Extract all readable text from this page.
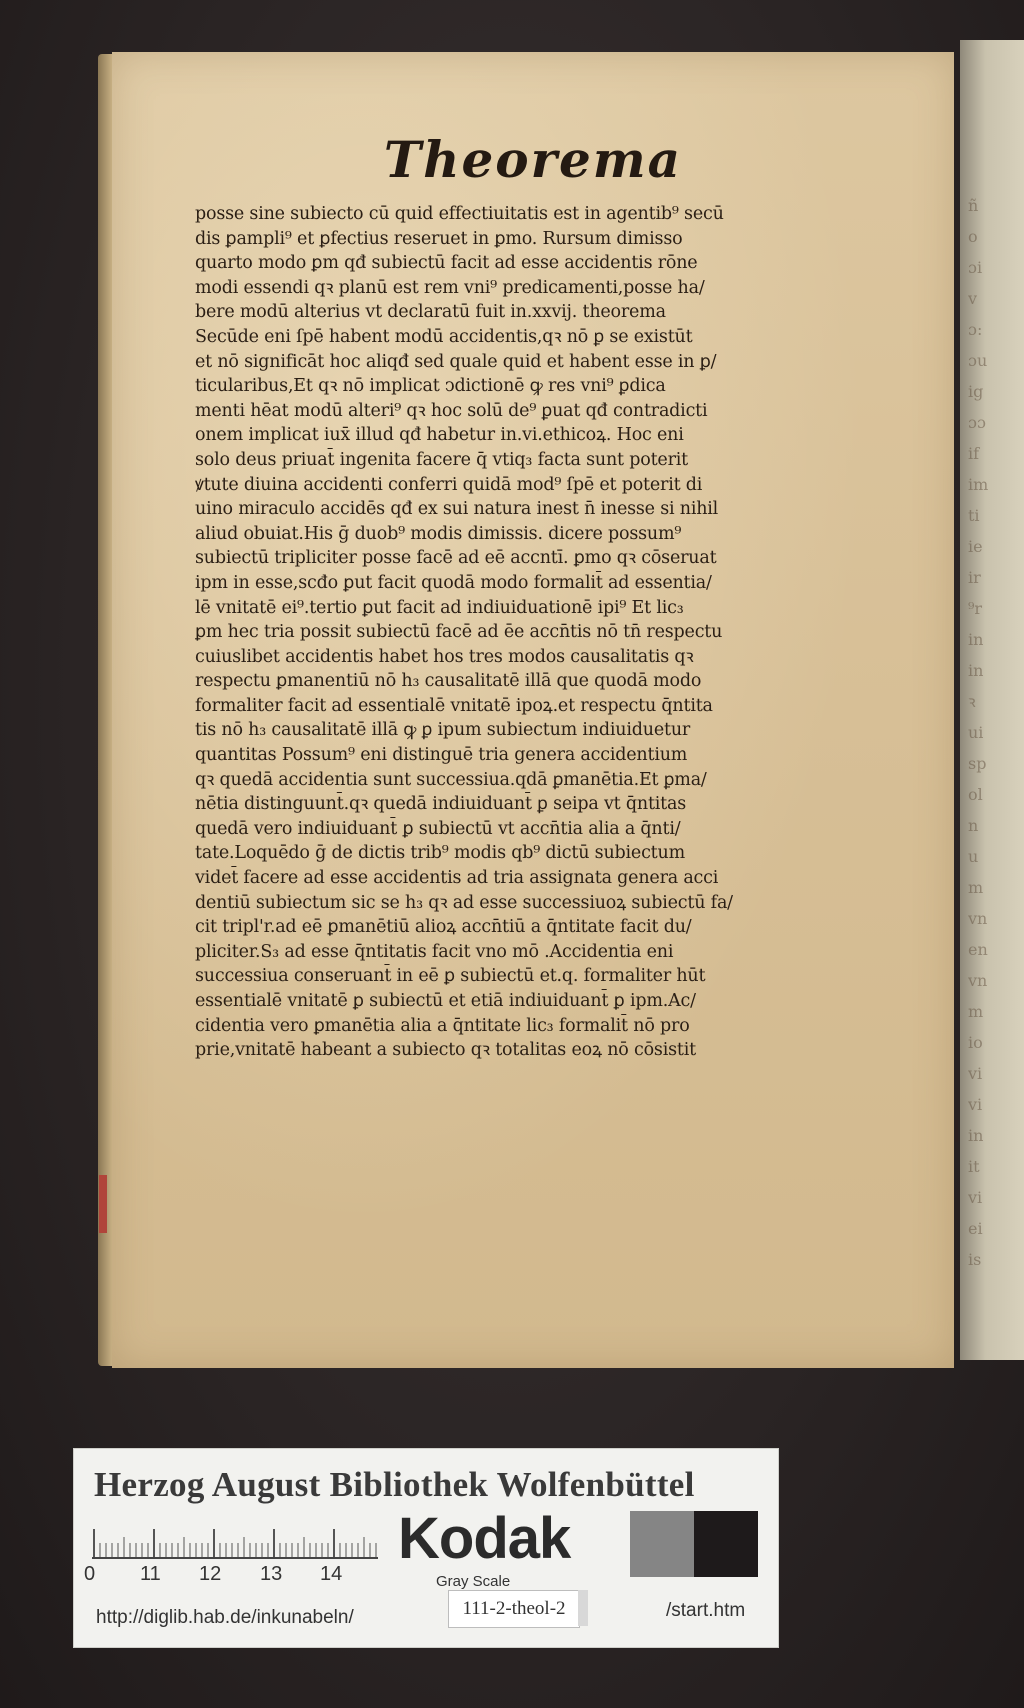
ñ
o
ɔi
v
ɔ:
ɔu
ig
ɔɔ
if
im
ti
ie
ir
⁹r
in
in
ꝛ
ui
sp
ol
n
u
m
vn
en
vn
m
io
vi
vi
in
it
vi
ei
is
Theorema
posse sine subiecto cū quid effectiuitatis est in agentib⁹ secū
dis ꝑampli⁹ et ꝑfectius reseruet in ꝑmo. Rursum dimisso
quarto modo ꝑm qđ subiectū facit ad esse accidentis rōne
modi essendi qꝛ planū est rem vni⁹ predicamenti,posse ha/
bere modū alterius vt declaratū fuit in.xxvij. theorema
Secūde eni ſpē habent modū accidentis,qꝛ nō ꝑ se existūt
et nō significāt hoc aliqđ sed quale quid et habent esse in ꝑ/
ticularibus,Et qꝛ nō implicat ↄdictionē ꝙ res vni⁹ ꝑdica
menti hēat modū alteri⁹ qꝛ hoc solū de⁹ ꝑuat qđ contradicti
onem implicat iux̄ illud qđ habetur in.vi.ethicoꝝ. Hoc eni
solo deus priuat̄ ingenita facere q̄ vtiq₃ facta sunt poterit
ꝟtute diuina accidenti conferri quidā mod⁹ ſpē et poterit di
uino miraculo accidēs qđ ex sui natura inest n̄ inesse si nihil
aliud obuiat.His ḡ duob⁹ modis dimissis. dicere possum⁹
subiectū tripliciter posse facē ad eē accntī. ꝑmo qꝛ cōseruat
ipm in esse,scđo ꝑut facit quodā modo formalit̄ ad essentia/
lē vnitatē ei⁹.tertio ꝑut facit ad indiuiduationē ipi⁹ Et lic₃
ꝑm hec tria possit subiectū facē ad ēe accn̄tis nō tn̄ respectu
cuiuslibet accidentis habet hos tres modos causalitatis qꝛ
respectu ꝑmanentiū nō h₃ causalitatē illā que quodā modo
formaliter facit ad essentialē vnitatē ipoꝝ.et respectu q̄ntita
tis nō h₃ causalitatē illā ꝙ ꝑ ipum subiectum indiuiduetur
quantitas Possum⁹ eni distinguē tria genera accidentium
qꝛ quedā accidentia sunt successiua.qdā ꝑmanētia.Et ꝑma/
nētia distinguunt̄.qꝛ quedā indiuiduant̄ ꝑ seipa vt q̄ntitas
quedā vero indiuiduant̄ ꝑ subiectū vt accn̄tia alia a q̄nti/
tate.Loquēdo ḡ de dictis trib⁹ modis qb⁹ dictū subiectum
videt̄ facere ad esse accidentis ad tria assignata genera acci
dentiū subiectum sic se h₃ qꝛ ad esse successiuoꝝ subiectū fa/
cit tripl'r.ad eē ꝑmanētiū alioꝝ accn̄tiū a q̄ntitate facit du/
pliciter.S₃ ad esse q̄ntitatis facit vno mō .Accidentia eni
successiua conseruant̄ in eē ꝑ subiectū et.q. formaliter hūt
essentialē vnitatē ꝑ subiectū et etiā indiuiduant̄ ꝑ ipm.Ac/
cidentia vero ꝑmanētia alia a q̄ntitate lic₃ formalit̄ nō pro
prie,vnitatē habeant a subiecto qꝛ totalitas eoꝝ nō cōsistit
Herzog August Bibliothek Wolfenbüttel
0 11 12 13 14
Kodak
Gray Scale
http://diglib.hab.de/inkunabeln/	111-2-theol-2	/start.htm
